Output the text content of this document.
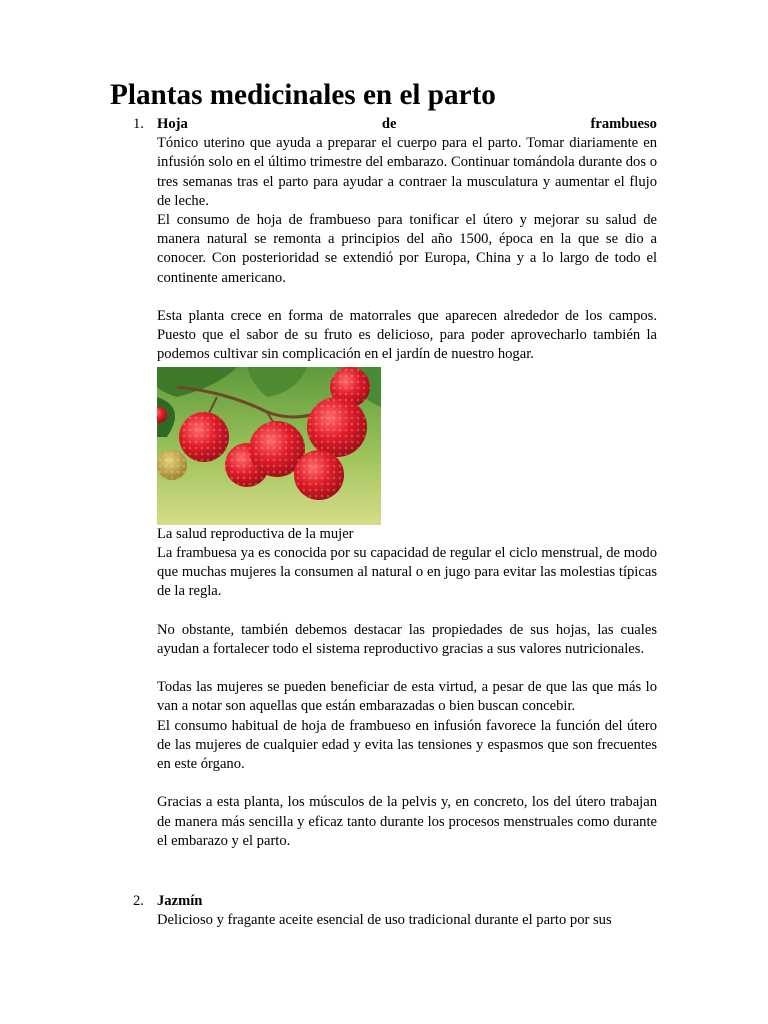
Plantas medicinales en el parto
1. Hoja	de	frambueso

Tónico uterino que ayuda a preparar el cuerpo para el parto. Tomar diariamente en infusión solo en el último trimestre del embarazo. Continuar tomándola durante dos o tres semanas tras el parto para ayudar a contraer la musculatura y aumentar el flujo de leche.

El consumo de hoja de frambueso para tonificar el útero y mejorar su salud de manera natural se remonta a principios del año 1500, época en la que se dio a conocer. Con posterioridad se extendió por Europa, China y a lo largo de todo el continente americano.

Esta planta crece en forma de matorrales que aparecen alrededor de los campos. Puesto que el sabor de su fruto es delicioso, para poder aprovecharlo también la podemos cultivar sin complicación en el jardín de nuestro hogar.

La salud reproductiva de la mujer

La frambuesa ya es conocida por su capacidad de regular el ciclo menstrual, de modo que muchas mujeres la consumen al natural o en jugo para evitar las molestias típicas de la regla.

No obstante, también debemos destacar las propiedades de sus hojas, las cuales ayudan a fortalecer todo el sistema reproductivo gracias a sus valores nutricionales.

Todas las mujeres se pueden beneficiar de esta virtud, a pesar de que las que más lo van a notar son aquellas que están embarazadas o bien buscan concebir.

El consumo habitual de hoja de frambueso en infusión favorece la función del útero de las mujeres de cualquier edad y evita las tensiones y espasmos que son frecuentes en este órgano.

Gracias a esta planta, los músculos de la pelvis y, en concreto, los del útero trabajan de manera más sencilla y eficaz tanto durante los procesos menstruales como durante el embarazo y el parto.

2. Jazmín

Delicioso y fragante aceite esencial de uso tradicional durante el parto por sus
